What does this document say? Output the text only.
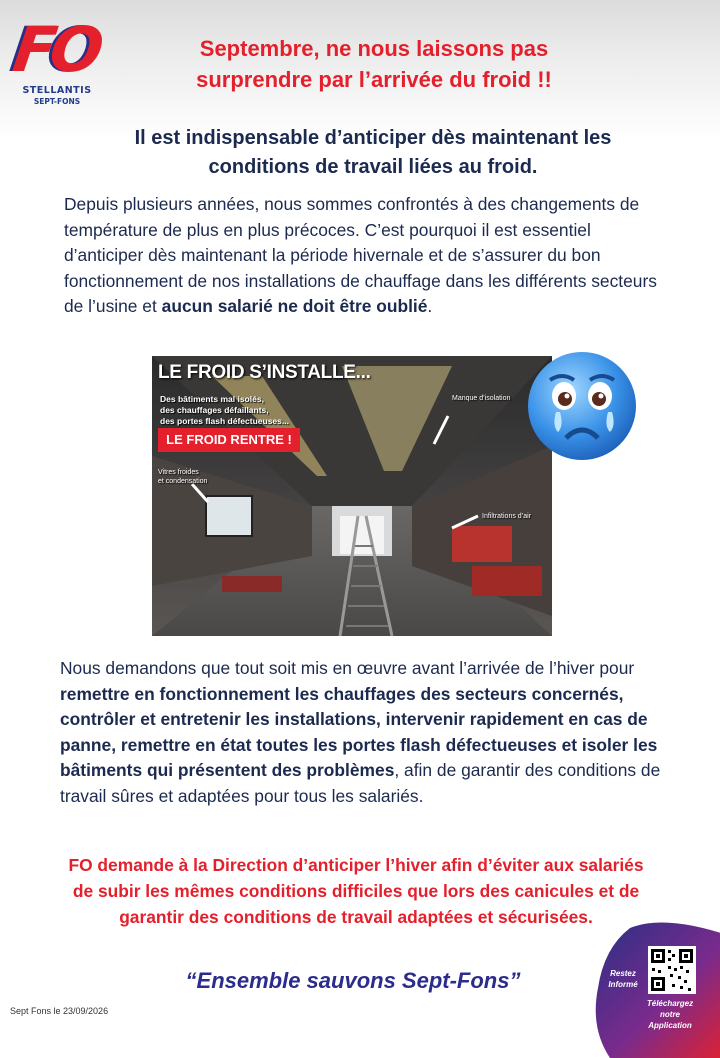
FO
STELLANTIS
SEPT-FONS
Septembre, ne nous laissons pas
surprendre par l’arrivée du froid !!
Il est indispensable d’anticiper dès maintenant les
conditions de travail liées au froid.
Depuis plusieurs années, nous sommes confrontés à des changements de température de plus en plus précoces. C’est pourquoi il est essentiel d’anticiper dès maintenant la période hivernale et de s’assurer du bon fonctionnement de nos installations de chauffage dans les différents secteurs de l’usine et aucun salarié ne doit être oublié.
LE FROID S’INSTALLE...
Des bâtiments mal isolés,
des chauffages défaillants,
des portes flash défectueuses...
LE FROID RENTRE !
Manque d’isolation
Vitres froides
et condensation
Infiltrations d’air
Nous demandons que tout soit mis en œuvre avant l’arrivée de l’hiver pour remettre en fonctionnement les chauffages des secteurs concernés, contrôler et entretenir les installations, intervenir rapidement en cas de panne, remettre en état toutes les portes flash défectueuses et isoler les bâtiments qui présentent des problèmes, afin de garantir des conditions de travail sûres et adaptées pour tous les salariés.
FO demande à la Direction d’anticiper l’hiver afin d’éviter aux salariés de subir les mêmes conditions difficiles que lors des canicules et de garantir des conditions de travail adaptées et sécurisées.
“Ensemble sauvons Sept-Fons”
Sept Fons le 23/09/2026
Restez
Informé
Téléchargez notre
Application
